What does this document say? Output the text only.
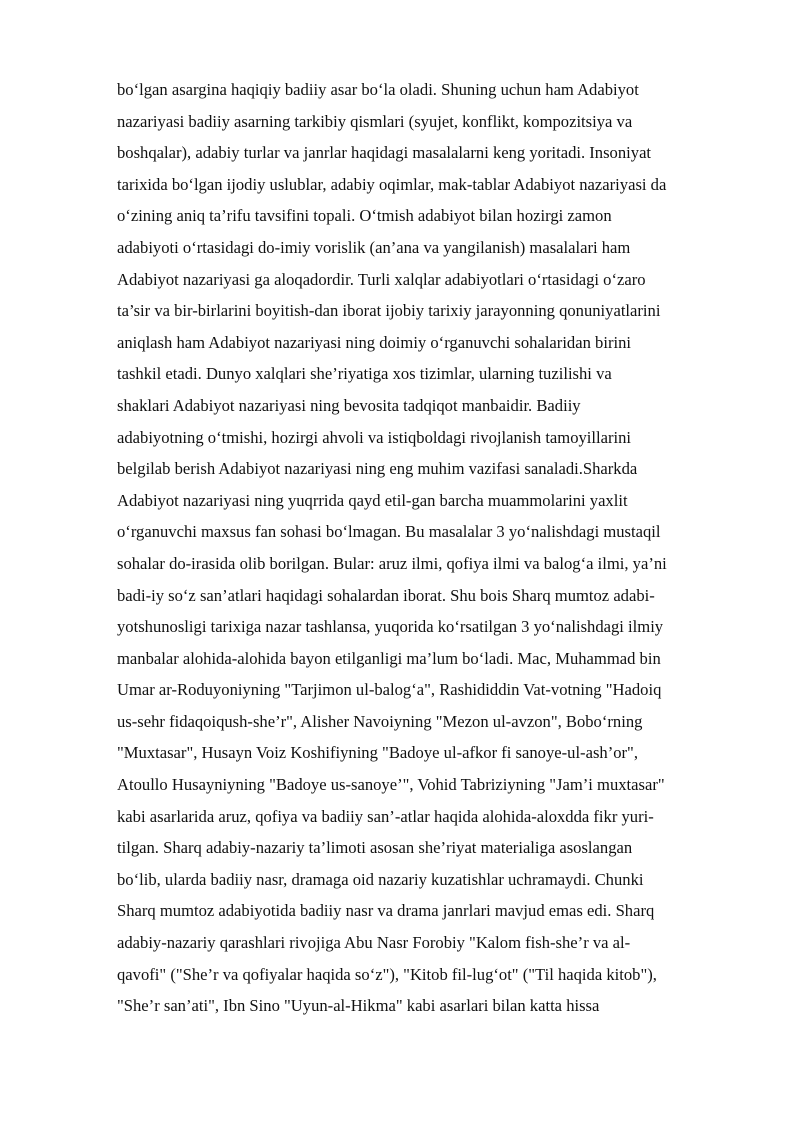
bo‘lgan asargina haqiqiy badiiy asar bo‘la oladi. Shuning uchun ham Adabiyot
nazariyasi badiiy asarning tarkibiy qismlari (syujet, konflikt, kompozitsiya va
boshqalar), adabiy turlar va janrlar haqidagi masalalarni keng yoritadi. Insoniyat
tarixida bo‘lgan ijodiy uslublar, adabiy oqimlar, mak-tablar Adabiyot nazariyasi da
o‘zining aniq ta’rifu tavsifini topali. O‘tmish adabiyot bilan hozirgi zamon
adabiyoti o‘rtasidagi do-imiy vorislik (an’ana va yangilanish) masalalari ham
Adabiyot nazariyasi ga aloqadordir. Turli xalqlar adabiyotlari o‘rtasidagi o‘zaro
ta’sir va bir-birlarini boyitish-dan iborat ijobiy tarixiy jarayonning qonuniyatlarini
aniqlash ham Adabiyot nazariyasi ning doimiy o‘rganuvchi sohalaridan birini
tashkil etadi. Dunyo xalqlari she’riyatiga xos tizimlar, ularning tuzilishi va
shaklari Adabiyot nazariyasi ning bevosita tadqiqot manbaidir. Badiiy
adabiyotning o‘tmishi, hozirgi ahvoli va istiqboldagi rivojlanish tamoyillarini
belgilab berish Adabiyot nazariyasi ning eng muhim vazifasi sanaladi.Sharkda
Adabiyot nazariyasi ning yuqrrida qayd etil-gan barcha muammolarini yaxlit
o‘rganuvchi maxsus fan sohasi bo‘lmagan. Bu masalalar 3 yo‘nalishdagi mustaqil
sohalar do-irasida olib borilgan. Bular: aruz ilmi, qofiya ilmi va balog‘a ilmi, ya’ni
badi-iy so‘z san’atlari haqidagi sohalardan iborat. Shu bois Sharq mumtoz adabi-
yotshunosligi tarixiga nazar tashlansa, yuqorida ko‘rsatilgan 3 yo‘nalishdagi ilmiy
manbalar alohida-alohida bayon etilganligi ma’lum bo‘ladi. Mac, Muhammad bin
Umar ar-Roduyoniyning "Tarjimon ul-balog‘a", Rashididdin Vat-votning "Hadoiq
us-sehr fidaqoiqush-she’r", Alisher Navoiyning "Mezon ul-avzon", Bobo‘rning
"Muxtasar", Husayn Voiz Koshifiyning "Badoye ul-afkor fi sanoye-ul-ash’or",
Atoullo Husayniyning "Badoye us-sanoye’", Vohid Tabriziyning "Jam’i muxtasar"
kabi asarlarida aruz, qofiya va badiiy san’-atlar haqida alohida-aloxdda fikr yuri-
tilgan. Sharq adabiy-nazariy ta’limoti asosan she’riyat materialiga asoslangan
bo‘lib, ularda badiiy nasr, dramaga oid nazariy kuzatishlar uchramaydi. Chunki
Sharq mumtoz adabiyotida badiiy nasr va drama janrlari mavjud emas edi. Sharq
adabiy-nazariy qarashlari rivojiga Abu Nasr Forobiy "Kalom fish-she’r va al-
qavofi" ("She’r va qofiyalar haqida so‘z"), "Kitob fil-lug‘ot" ("Til haqida kitob"),
"She’r san’ati", Ibn Sino "Uyun-al-Hikma" kabi asarlari bilan katta hissa
